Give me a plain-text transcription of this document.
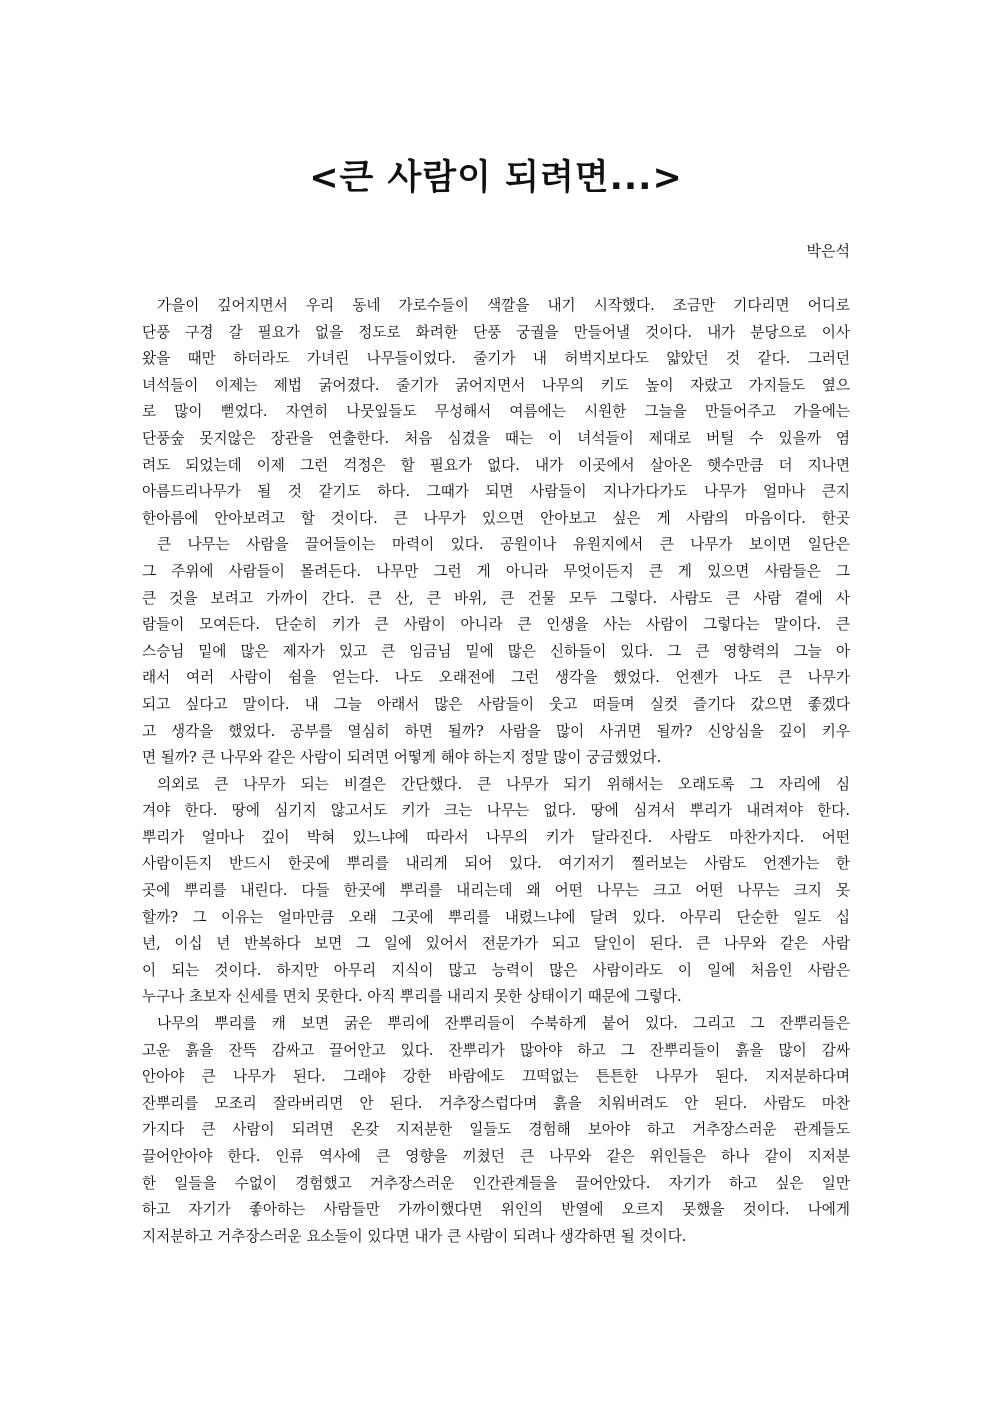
<큰 사람이 되려면...>

박은석

가을이 깊어지면서 우리 동네 가로수들이 색깔을 내기 시작했다. 조금만 기다리면 어디로
단풍 구경 갈 필요가 없을 정도로 화려한 단풍 궁궐을 만들어낼 것이다. 내가 분당으로 이사
왔을 때만 하더라도 가녀린 나무들이었다. 줄기가 내 허벅지보다도 얇았던 것 같다. 그러던
녀석들이 이제는 제법 굵어졌다. 줄기가 굵어지면서 나무의 키도 높이 자랐고 가지들도 옆으
로 많이 뻗었다. 자연히 나뭇잎들도 무성해서 여름에는 시원한 그늘을 만들어주고 가을에는
단풍숲 못지않은 장관을 연출한다. 처음 심겼을 때는 이 녀석들이 제대로 버틸 수 있을까 염
려도 되었는데 이제 그런 걱정은 할 필요가 없다. 내가 이곳에서 살아온 햇수만큼 더 지나면
아름드리나무가 될 것 같기도 하다. 그때가 되면 사람들이 지나가다가도 나무가 얼마나 큰지
한아름에 안아보려고 할 것이다. 큰 나무가 있으면 안아보고 싶은 게 사람의 마음이다. 한곳
큰 나무는 사람을 끌어들이는 마력이 있다. 공원이나 유원지에서 큰 나무가 보이면 일단은
그 주위에 사람들이 몰려든다. 나무만 그런 게 아니라 무엇이든지 큰 게 있으면 사람들은 그
큰 것을 보려고 가까이 간다. 큰 산, 큰 바위, 큰 건물 모두 그렇다. 사람도 큰 사람 곁에 사
람들이 모여든다. 단순히 키가 큰 사람이 아니라 큰 인생을 사는 사람이 그렇다는 말이다. 큰
스승님 밑에 많은 제자가 있고 큰 임금님 밑에 많은 신하들이 있다. 그 큰 영향력의 그늘 아
래서 여러 사람이 쉼을 얻는다. 나도 오래전에 그런 생각을 했었다. 언젠가 나도 큰 나무가
되고 싶다고 말이다. 내 그늘 아래서 많은 사람들이 웃고 떠들며 실컷 즐기다 갔으면 좋겠다
고 생각을 했었다. 공부를 열심히 하면 될까? 사람을 많이 사귀면 될까? 신앙심을 깊이 키우
면 될까? 큰 나무와 같은 사람이 되려면 어떻게 해야 하는지 정말 많이 궁금했었다.
의외로 큰 나무가 되는 비결은 간단했다. 큰 나무가 되기 위해서는 오래도록 그 자리에 심
겨야 한다. 땅에 심기지 않고서도 키가 크는 나무는 없다. 땅에 심겨서 뿌리가 내려져야 한다.
뿌리가 얼마나 깊이 박혀 있느냐에 따라서 나무의 키가 달라진다. 사람도 마찬가지다. 어떤
사람이든지 반드시 한곳에 뿌리를 내리게 되어 있다. 여기저기 찔러보는 사람도 언젠가는 한
곳에 뿌리를 내린다. 다들 한곳에 뿌리를 내리는데 왜 어떤 나무는 크고 어떤 나무는 크지 못
할까? 그 이유는 얼마만큼 오래 그곳에 뿌리를 내렸느냐에 달려 있다. 아무리 단순한 일도 십
년, 이십 년 반복하다 보면 그 일에 있어서 전문가가 되고 달인이 된다. 큰 나무와 같은 사람
이 되는 것이다. 하지만 아무리 지식이 많고 능력이 많은 사람이라도 이 일에 처음인 사람은
누구나 초보자 신세를 면치 못한다. 아직 뿌리를 내리지 못한 상태이기 때문에 그렇다.
나무의 뿌리를 캐 보면 굵은 뿌리에 잔뿌리들이 수북하게 붙어 있다. 그리고 그 잔뿌리들은
고운 흙을 잔뜩 감싸고 끌어안고 있다. 잔뿌리가 많아야 하고 그 잔뿌리들이 흙을 많이 감싸
안아야 큰 나무가 된다. 그래야 강한 바람에도 끄떡없는 튼튼한 나무가 된다. 지저분하다며
잔뿌리를 모조리 잘라버리면 안 된다. 거추장스럽다며 흙을 치워버려도 안 된다. 사람도 마찬
가지다 큰 사람이 되려면 온갖 지저분한 일들도 경험해 보아야 하고 거추장스러운 관계들도
끌어안아야 한다. 인류 역사에 큰 영향을 끼쳤던 큰 나무와 같은 위인들은 하나 같이 지저분
한 일들을 수없이 경험했고 거추장스러운 인간관계들을 끌어안았다. 자기가 하고 싶은 일만
하고 자기가 좋아하는 사람들만 가까이했다면 위인의 반열에 오르지 못했을 것이다. 나에게
지저분하고 거추장스러운 요소들이 있다면 내가 큰 사람이 되려나 생각하면 될 것이다.
